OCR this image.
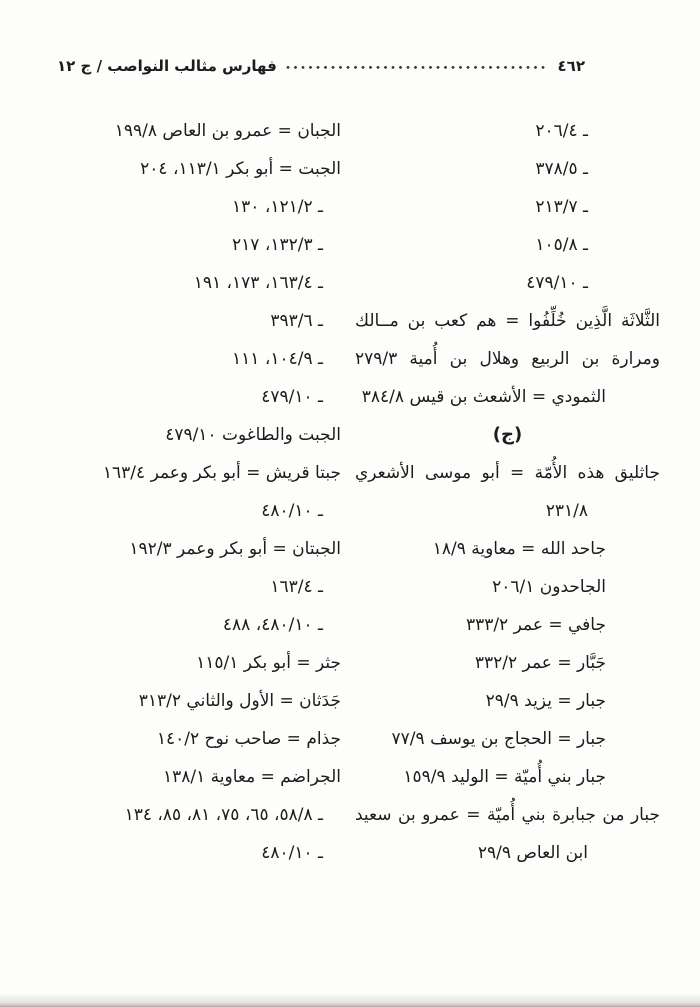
فهارس مثالب النواصب / ج ١٢	٤٦٢
ـ ٢٠٦/٤
ـ ٣٧٨/٥
ـ ٢١٣/٧
ـ ١٠٥/٨
ـ ٤٧٩/١٠
الثَّلاثَة الَّذِين خُلِّفُوا = هم كعب بن مــالك
ومرارة بن الربيع وهلال بن أُمية ٢٧٩/٣
الثمودي = الأشعث بن قيس ٣٨٤/٨
(ج)
جاثليق هذه الأُمّة = أبو موسى الأشعري
٢٣١/٨
جاحد الله = معاوية ١٨/٩
الجاحدون ٢٠٦/١
جافي = عمر ٣٣٣/٢
جَبَّار = عمر ٣٣٢/٢
جبار = يزيد ٢٩/٩
جبار = الحجاج بن يوسف ٧٧/٩
جبار بني أُميّة = الوليد ١٥٩/٩
جبار من جبابرة بني أُميّة = عمرو بن سعيد
ابن العاص ٢٩/٩
الجبان = عمرو بن العاص ١٩٩/٨
الجبت = أبو بكر ١١٣/١، ٢٠٤
ـ ١٢١/٢، ١٣٠
ـ ١٣٢/٣، ٢١٧
ـ ١٦٣/٤، ١٧٣، ١٩١
ـ ٣٩٣/٦
ـ ١٠٤/٩، ١١١
ـ ٤٧٩/١٠
الجبت والطاغوت ٤٧٩/١٠
جبتا قريش = أبو بكر وعمر ١٦٣/٤
ـ ٤٨٠/١٠
الجبتان = أبو بكر وعمر ١٩٢/٣
ـ ١٦٣/٤
ـ ٤٨٠/١٠، ٤٨٨
جثر = أبو بكر ١١٥/١
جَدَثان = الأول والثاني ٣١٣/٢
جذام = صاحب نوح ١٤٠/٢
الجراضم = معاوية ١٣٨/١
ـ ٥٨/٨، ٦٥، ٧٥، ٨١، ٨٥، ١٣٤
ـ ٤٨٠/١٠
